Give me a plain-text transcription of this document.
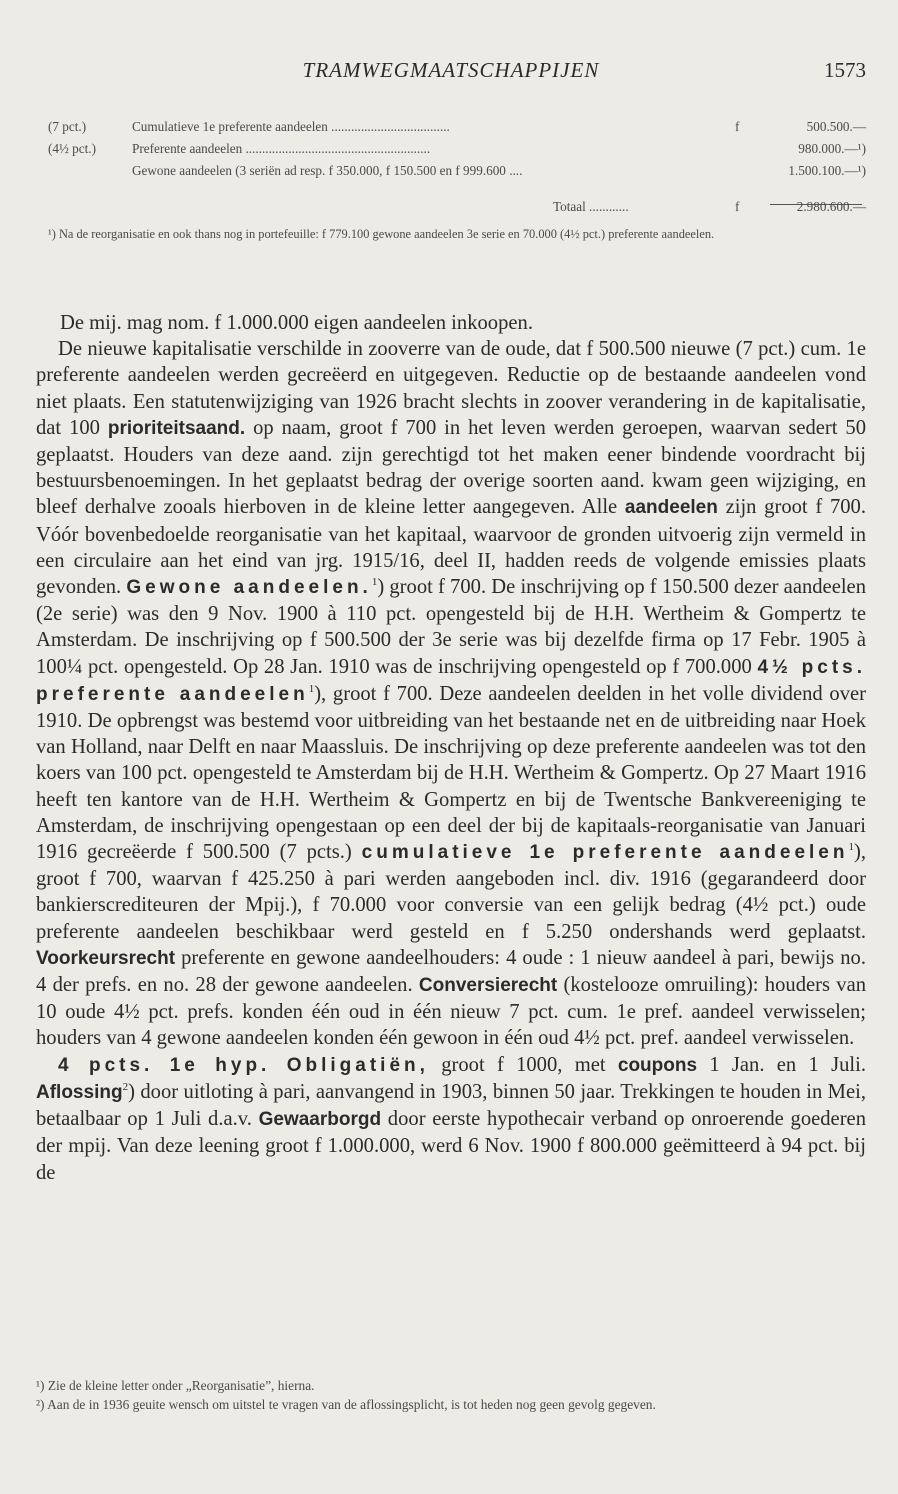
TRAMWEGMAATSCHAPPIJEN	1573
(7 pct.)	Cumulatieve 1e preferente aandeelen ....................................	f	500.500.—
(4½ pct.)	Preferente aandeelen ........................................................	980.000.—¹)
Gewone aandeelen (3 seriën ad resp. f 350.000, f 150.500 en f 999.600 ....	1.500.100.—¹)
Totaal ............	f	2.980.600.—
¹) Na de reorganisatie en ook thans nog in portefeuille: f 779.100 gewone aandeelen 3e serie en 70.000 (4½ pct.) preferente aandeelen.

De mij. mag nom. f 1.000.000 eigen aandeelen inkoopen.

De nieuwe kapitalisatie verschilde in zooverre van de oude, dat f 500.500 nieuwe (7 pct.) cum. 1e preferente aandeelen werden gecreëerd en uitgegeven. Reductie op de bestaande aandeelen vond niet plaats. Een statutenwijziging van 1926 bracht slechts in zoover verandering in de kapitalisatie, dat 100 prioriteitsaand. op naam, groot f 700 in het leven werden geroepen, waarvan sedert 50 geplaatst. Houders van deze aand. zijn gerechtigd tot het maken eener bindende voordracht bij bestuursbenoemingen. In het geplaatst bedrag der overige soorten aand. kwam geen wijziging, en bleef derhalve zooals hierboven in de kleine letter aangegeven. Alle aandeelen zijn groot f 700. Vóór bovenbedoelde reorganisatie van het kapitaal, waarvoor de gronden uitvoerig zijn vermeld in een circulaire aan het eind van jrg. 1915/16, deel II, hadden reeds de volgende emissies plaats gevonden. Gewone aandeelen.$^1$) groot f 700. De inschrijving op f 150.500 dezer aandeelen (2e serie) was den 9 Nov. 1900 à 110 pct. opengesteld bij de H.H. Wertheim & Gompertz te Amsterdam. De inschrijving op f 500.500 der 3e serie was bij dezelfde firma op 17 Febr. 1905 à 100¼ pct. opengesteld. Op 28 Jan. 1910 was de inschrijving opengesteld op f 700.000 4½ pcts. preferente aandeelen$^1$), groot f 700. Deze aandeelen deelden in het volle dividend over 1910. De opbrengst was bestemd voor uitbreiding van het bestaande net en de uitbreiding naar Hoek van Holland, naar Delft en naar Maassluis. De inschrijving op deze preferente aandeelen was tot den koers van 100 pct. opengesteld te Amsterdam bij de H.H. Wertheim & Gompertz. Op 27 Maart 1916 heeft ten kantore van de H.H. Wertheim & Gompertz en bij de Twentsche Bankvereeniging te Amsterdam, de inschrijving opengestaan op een deel der bij de kapitaals-reorganisatie van Januari 1916 gecreëerde f 500.500 (7 pcts.) cumulatieve 1e preferente aandeelen$^1$), groot f 700, waarvan f 425.250 à pari werden aangeboden incl. div. 1916 (gegarandeerd door bankierscrediteuren der Mpij.), f 70.000 voor conversie van een gelijk bedrag (4½ pct.) oude preferente aandeelen beschikbaar werd gesteld en f 5.250 ondershands werd geplaatst. Voorkeursrecht preferente en gewone aandeelhouders: 4 oude : 1 nieuw aandeel à pari, bewijs no. 4 der prefs. en no. 28 der gewone aandeelen. Conversierecht (kostelooze omruiling): houders van 10 oude 4½ pct. prefs. konden één oud in één nieuw 7 pct. cum. 1e pref. aandeel verwisselen; houders van 4 gewone aandeelen konden één gewoon in één oud 4½ pct. pref. aandeel verwisselen.

4 pcts. 1e hyp. Obligatiën, groot f 1000, met coupons 1 Jan. en 1 Juli. Aflossing$^2$) door uitloting à pari, aanvangend in 1903, binnen 50 jaar. Trekkingen te houden in Mei, betaalbaar op 1 Juli d.a.v. Gewaarborgd door eerste hypothecair verband op onroerende goederen der mpij. Van deze leening groot f 1.000.000, werd 6 Nov. 1900 f 800.000 geëmitteerd à 94 pct. bij de

¹) Zie de kleine letter onder „Reorganisatie”, hierna.

²) Aan de in 1936 geuite wensch om uitstel te vragen van de aflossingsplicht, is tot heden nog geen gevolg gegeven.
